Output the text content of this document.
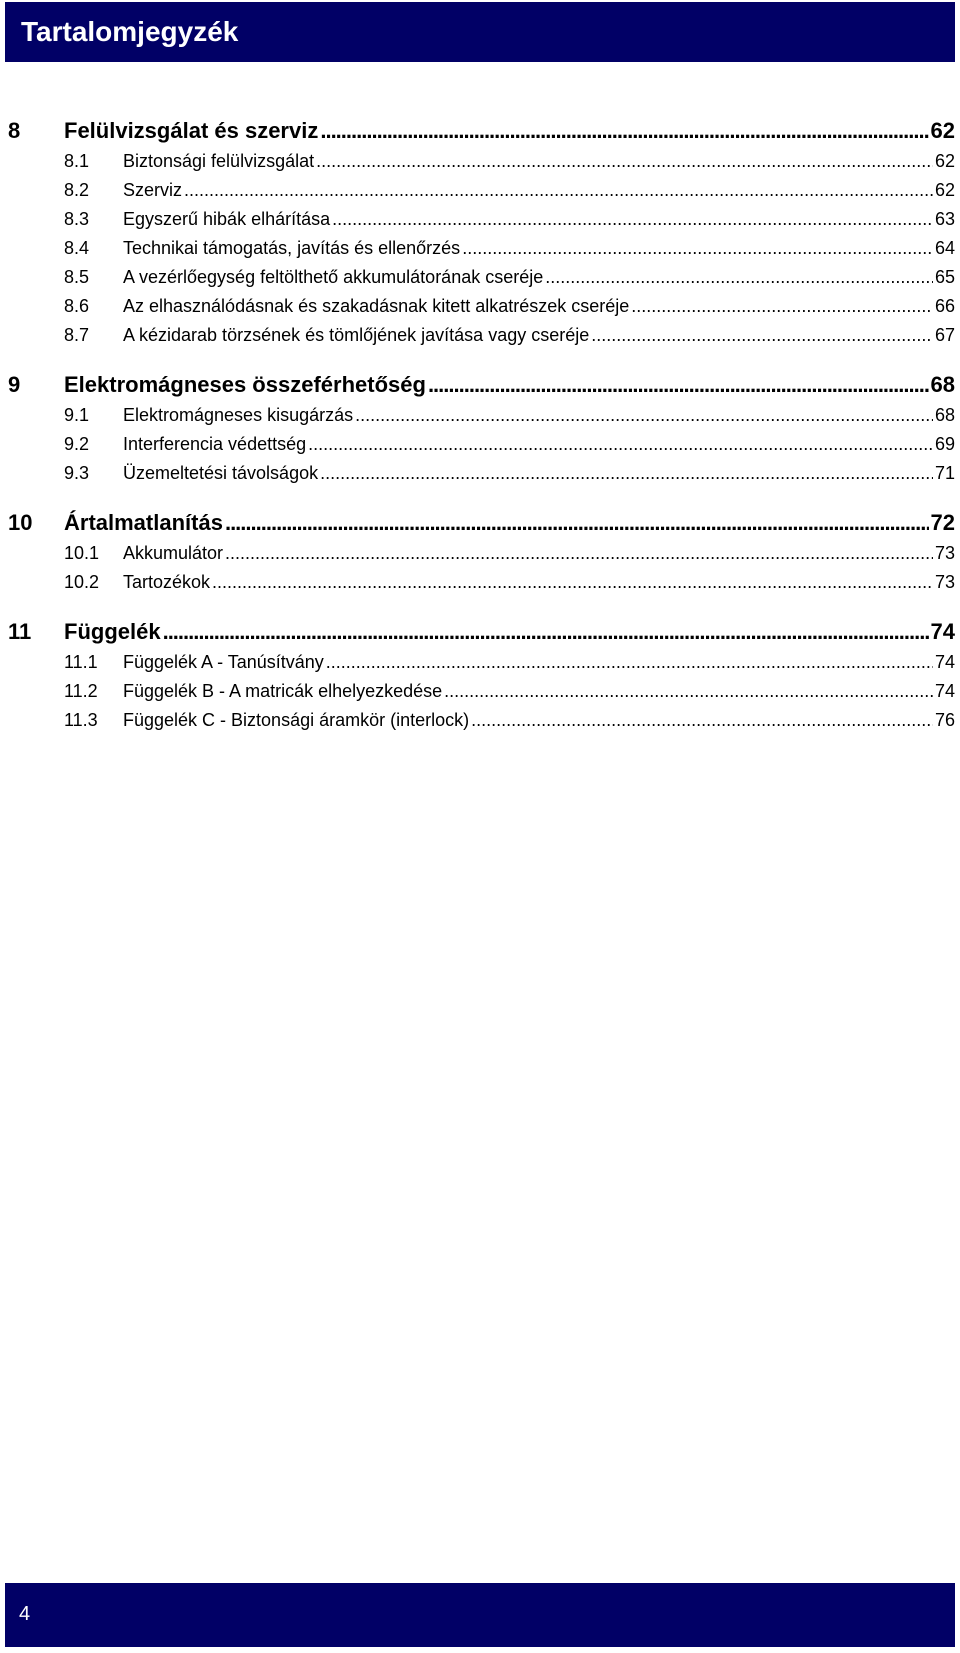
Tartalomjegyzék
8	Felülvizsgálat és szerviz .....	62
8.1 Biztonsági felülvizsgálat .....	62
8.2 Szerviz .....	62
8.3 Egyszerű hibák elhárítása .....	63
8.4 Technikai támogatás, javítás és ellenőrzés .....	64
8.5 A vezérlőegység feltölthető akkumulátorának cseréje .....	65
8.6 Az elhasználódásnak és szakadásnak kitett alkatrészek cseréje .....	66
8.7 A kézidarab törzsének és tömlőjének javítása vagy cseréje .....	67
9	Elektromágneses összeférhetőség .....	68
9.1 Elektromágneses kisugárzás .....	68
9.2 Interferencia védettség .....	69
9.3 Üzemeltetési távolságok .....	71
10	Ártalmatlanítás .....	72
10.1 Akkumulátor .....	73
10.2 Tartozékok .....	73
11	Függelék .....	74
11.1 Függelék A - Tanúsítvány .....	74
11.2 Függelék B - A matricák elhelyezkedése .....	74
11.3 Függelék C - Biztonsági áramkör (interlock) .....	76
4
